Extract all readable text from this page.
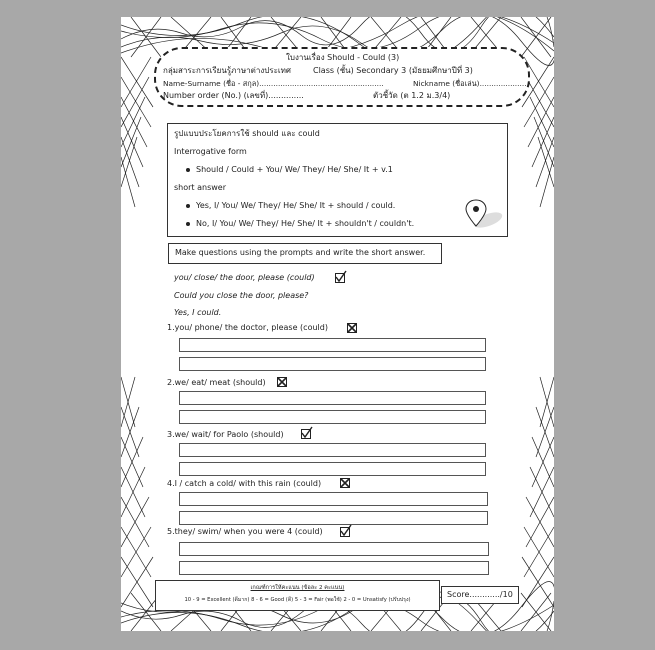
ใบงานเรื่อง Should - Could (3)
กลุ่มสาระการเรียนรู้ภาษาต่างประเทศ	Class (ชั้น) Secondary 3 (มัธยมศึกษาปีที่ 3)
Name-Surname (ชื่อ - สกุล).....................................................	Nickname (ชื่อเล่น)....................
Number order (No.) (เลขที่)..............	ตัวชี้วัด (ต 1.2 ม.3/4)
รูปแบบประโยคการใช้ should และ could
Interrogative form
Should / Could + You/ We/ They/ He/ She/ It + v.1
short answer
Yes, I/ You/ We/ They/ He/ She/ It + should / could.
No, I/ You/ We/ They/ He/ She/ It + shouldn't / couldn't.
Make questions using the prompts and write the short answer.
you/ close/ the door, please (could)
Could you close the door, please?
Yes, I could.
1.you/ phone/ the doctor, please (could)
2.we/ eat/ meat (should)
3.we/ wait/ for Paolo (should)
4.I / catch a cold/ with this rain (could)
5.they/ swim/ when you were 4 (could)
เกณฑ์การให้คะแนน (ข้อละ 2 คะแนน)
10 - 9 = Excellent (ดีมาก) 8 - 6 = Good (ดี) 5 - 3 = Fair (พอใช้) 2 - 0 = Unsatisfy (ปรับปรุง)
Score............/10
